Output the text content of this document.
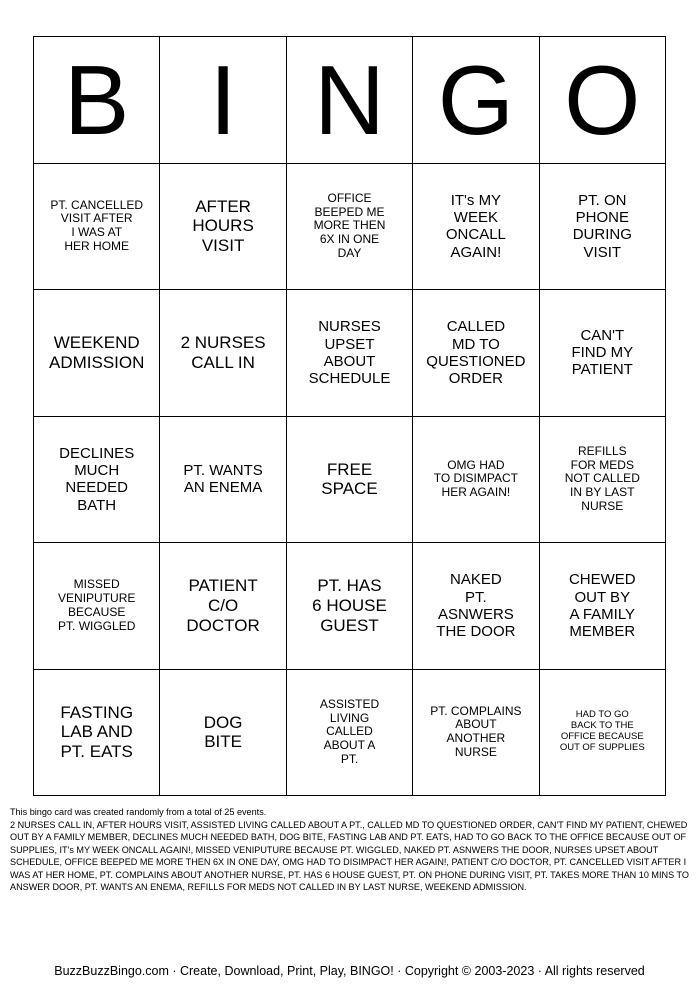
B I N G O
PT. CANCELLED
VISIT AFTER
I WAS AT
HER HOME
AFTER
HOURS
VISIT
OFFICE
BEEPED ME
MORE THEN
6X IN ONE
DAY
IT's MY
WEEK
ONCALL
AGAIN!
PT. ON
PHONE
DURING
VISIT
WEEKEND
ADMISSION
2 NURSES
CALL IN
NURSES
UPSET
ABOUT
SCHEDULE
CALLED
MD TO
QUESTIONED
ORDER
CAN'T
FIND MY
PATIENT
DECLINES
MUCH
NEEDED
BATH
PT. WANTS
AN ENEMA
FREE
SPACE
OMG HAD
TO DISIMPACT
HER AGAIN!
REFILLS
FOR MEDS
NOT CALLED
IN BY LAST
NURSE
MISSED
VENIPUTURE
BECAUSE
PT. WIGGLED
PATIENT
C/O
DOCTOR
PT. HAS
6 HOUSE
GUEST
NAKED
PT.
ASNWERS
THE DOOR
CHEWED
OUT BY
A FAMILY
MEMBER
FASTING
LAB AND
PT. EATS
DOG
BITE
ASSISTED
LIVING
CALLED
ABOUT A
PT.
PT. COMPLAINS
ABOUT
ANOTHER
NURSE
HAD TO GO
BACK TO THE
OFFICE BECAUSE
OUT OF SUPPLIES

This bingo card was created randomly from a total of 25 events.

2 NURSES CALL IN, AFTER HOURS VISIT, ASSISTED LIVING CALLED ABOUT A PT., CALLED MD TO QUESTIONED ORDER, CAN'T FIND MY PATIENT, CHEWED OUT BY A FAMILY MEMBER, DECLINES MUCH NEEDED BATH, DOG BITE, FASTING LAB AND PT. EATS, HAD TO GO BACK TO THE OFFICE BECAUSE OUT OF SUPPLIES, IT's MY WEEK ONCALL AGAIN!, MISSED VENIPUTURE BECAUSE PT. WIGGLED, NAKED PT. ASNWERS THE DOOR, NURSES UPSET ABOUT SCHEDULE, OFFICE BEEPED ME MORE THEN 6X IN ONE DAY, OMG HAD TO DISIMPACT HER AGAIN!, PATIENT C/O DOCTOR, PT. CANCELLED VISIT AFTER I WAS AT HER HOME, PT. COMPLAINS ABOUT ANOTHER NURSE, PT. HAS 6 HOUSE GUEST, PT. ON PHONE DURING VISIT, PT. TAKES MORE THAN 10 MINS TO ANSWER DOOR, PT. WANTS AN ENEMA, REFILLS FOR MEDS NOT CALLED IN BY LAST NURSE, WEEKEND ADMISSION.

BuzzBuzzBingo.com · Create, Download, Print, Play, BINGO! · Copyright © 2003-2023 · All rights reserved
